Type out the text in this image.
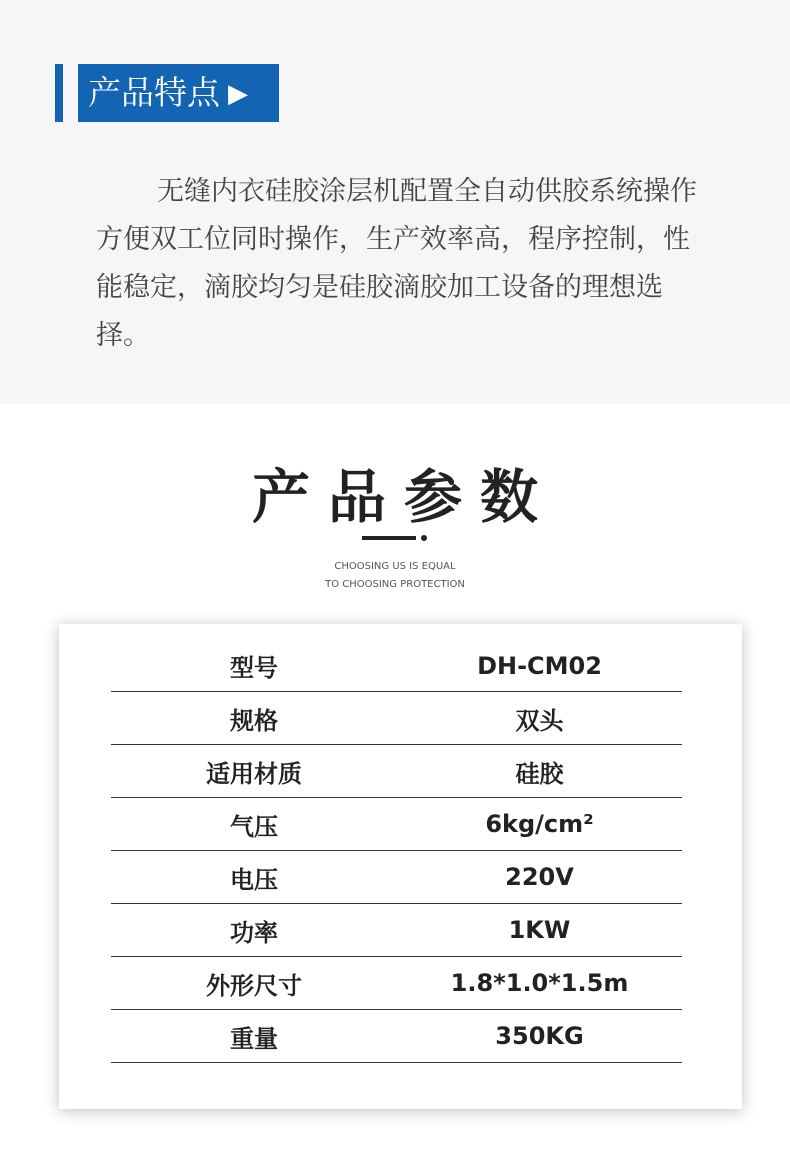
产品特点 ▶

无缝内衣硅胶涂层机配置全自动供胶系统操作方便双工位同时操作，生产效率高，程序控制，性能稳定，滴胶均匀是硅胶滴胶加工设备的理想选择。

产品参数
CHOOSING US IS EQUAL
TO CHOOSING PROTECTION
型号	DH-CM02
规格	双头
适用材质	硅胶
气压	6kg/cm²
电压	220V
功率	1KW
外形尺寸	1.8*1.0*1.5m
重量	350KG
